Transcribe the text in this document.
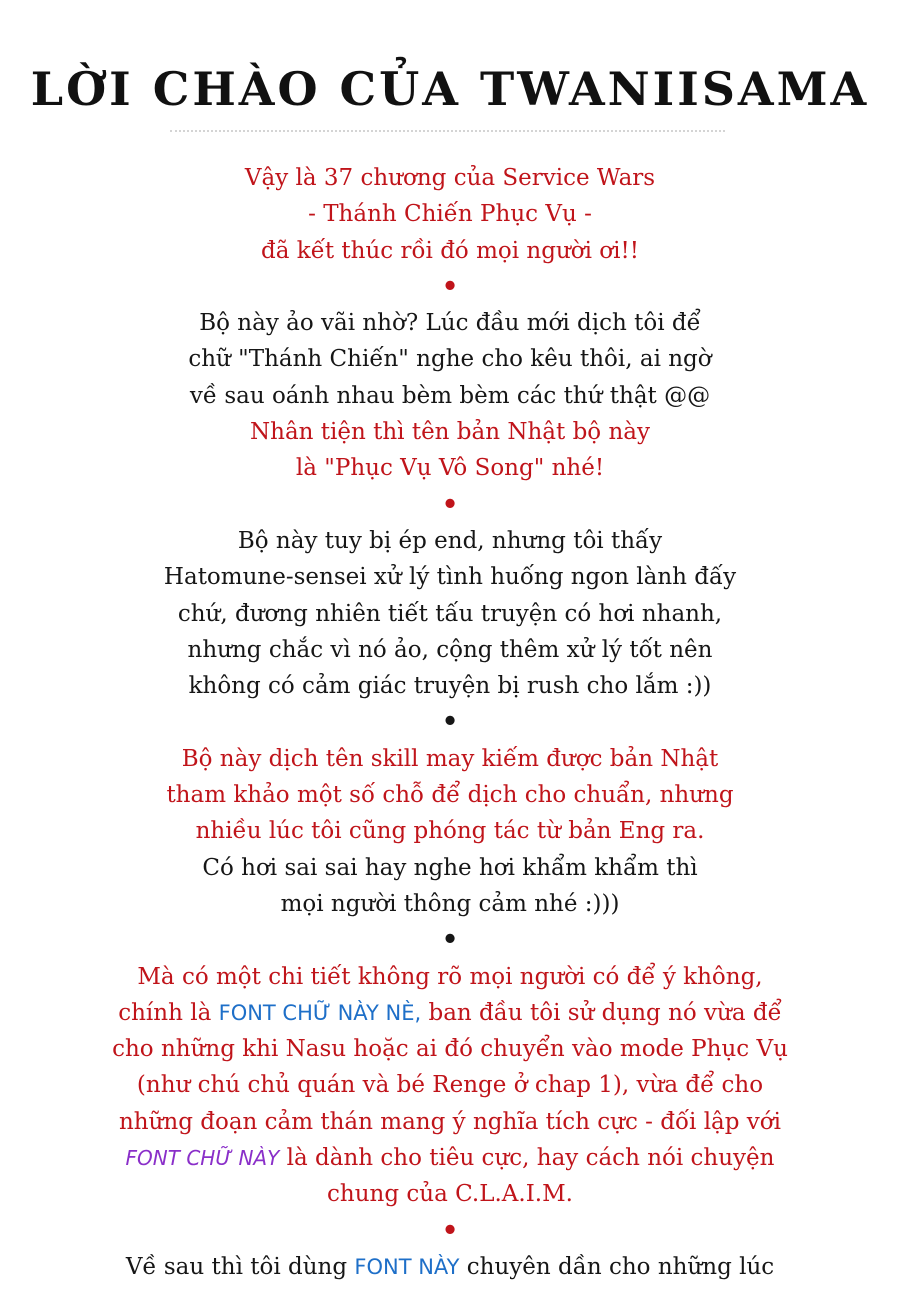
LỜI CHÀO CỦA TWANIISAMA
Vậy là 37 chương của Service Wars
- Thánh Chiến Phục Vụ -
đã kết thúc rồi đó mọi người ơi!!
•
Bộ này ảo vãi nhờ? Lúc đầu mới dịch tôi để
chữ "Thánh Chiến" nghe cho kêu thôi, ai ngờ
về sau oánh nhau bèm bèm các thứ thật @@
Nhân tiện thì tên bản Nhật bộ này
là "Phục Vụ Vô Song" nhé!
•
Bộ này tuy bị ép end, nhưng tôi thấy
Hatomune-sensei xử lý tình huống ngon lành đấy
chứ, đương nhiên tiết tấu truyện có hơi nhanh,
nhưng chắc vì nó ảo, cộng thêm xử lý tốt nên
không có cảm giác truyện bị rush cho lắm :))
•
Bộ này dịch tên skill may kiếm được bản Nhật
tham khảo một số chỗ để dịch cho chuẩn, nhưng
nhiều lúc tôi cũng phóng tác từ bản Eng ra.
Có hơi sai sai hay nghe hơi khẩm khẩm thì
mọi người thông cảm nhé :)))
•
Mà có một chi tiết không rõ mọi người có để ý không,
chính là FONT CHỮ NÀY NÈ, ban đầu tôi sử dụng nó vừa để
cho những khi Nasu hoặc ai đó chuyển vào mode Phục Vụ
(như chú chủ quán và bé Renge ở chap 1), vừa để cho
những đoạn cảm thán mang ý nghĩa tích cực - đối lập với
FONT CHỮ NÀY là dành cho tiêu cực, hay cách nói chuyện
chung của C.L.A.I.M.
•
Về sau thì tôi dùng FONT NÀY chuyên dần cho những lúc
